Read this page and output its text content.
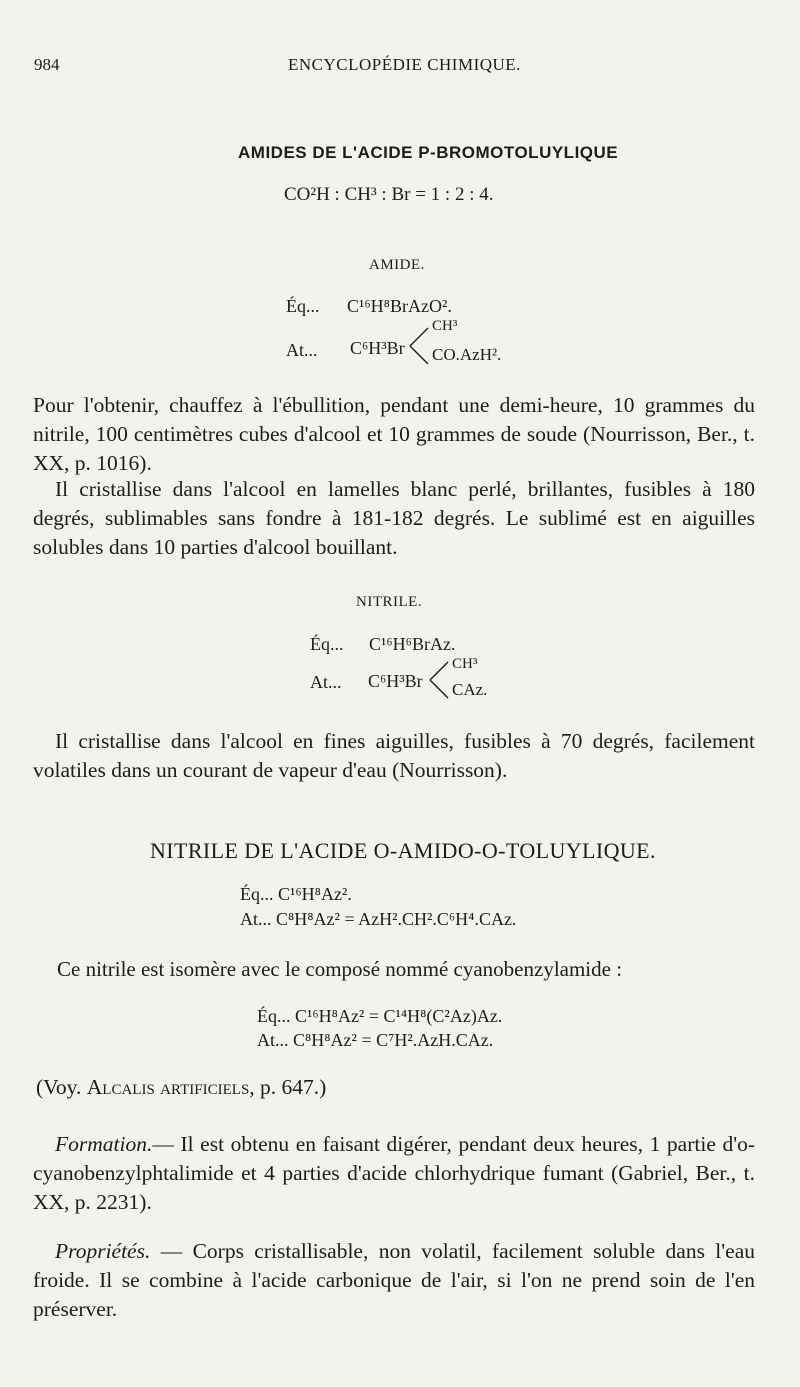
984	ENCYCLOPÉDIE CHIMIQUE.
AMIDES DE L'ACIDE P-BROMOTOLUYLIQUE
CO²H : CH³ : Br = 1 : 2 : 4.
AMIDE.
Éq... C¹⁶H⁸BrAzO².
At... C⁶H³Br
CH³
CO.AzH².
Pour l'obtenir, chauffez à l'ébullition, pendant une demi-heure, 10 grammes du nitrile, 100 centimètres cubes d'alcool et 10 grammes de soude (Nourrisson, Ber., t. XX, p. 1016).
Il cristallise dans l'alcool en lamelles blanc perlé, brillantes, fusibles à 180 degrés, sublimables sans fondre à 181-182 degrés. Le sublimé est en aiguilles solubles dans 10 parties d'alcool bouillant.
NITRILE.
Éq... C¹⁶H⁶BrAz.
At... C⁶H³Br
CH³
CAz.
Il cristallise dans l'alcool en fines aiguilles, fusibles à 70 degrés, facilement volatiles dans un courant de vapeur d'eau (Nourrisson).
NITRILE DE L'ACIDE O-AMIDO-O-TOLUYLIQUE.
Éq... C¹⁶H⁸Az².
At... C⁸H⁸Az² = AzH².CH².C⁶H⁴.CAz.
Ce nitrile est isomère avec le composé nommé cyanobenzylamide :
Éq... C¹⁶H⁸Az² = C¹⁴H⁸(C²Az)Az.
At... C⁸H⁸Az² = C⁷H².AzH.CAz.
(Voy. Alcalis artificiels, p. 647.)
Formation.— Il est obtenu en faisant digérer, pendant deux heures, 1 partie d'o-cyanobenzylphtalimide et 4 parties d'acide chlorhydrique fumant (Gabriel, Ber., t. XX, p. 2231).
Propriétés. — Corps cristallisable, non volatil, facilement soluble dans l'eau froide. Il se combine à l'acide carbonique de l'air, si l'on ne prend soin de l'en préserver.
